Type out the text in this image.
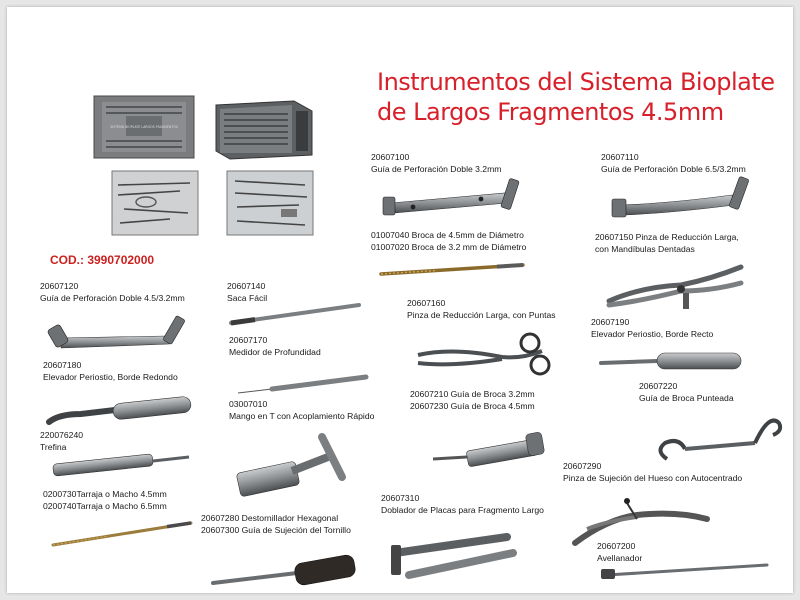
Instrumentos del Sistema Bioplate
de Largos Fragmentos 4.5mm
COD.: 3990702000
SISTEMA BIOPLATE LARGOS FRAGMENTOS
20607100
Guía de Perforación Doble 3.2mm
20607110
Guía de Perforación Doble 6.5/3.2mm
01007040 Broca de 4.5mm de Diámetro
01007020 Broca de 3.2 mm de Diámetro
20607150 Pinza de Reducción Larga,
con Mandíbulas Dentadas
20607120
Guía de Perforación Doble 4.5/3.2mm
20607140
Saca Fácil	20607160
Pinza de Reducción Larga, con Puntas
20607190
Elevador Periostio, Borde Recto
20607170
Medidor de Profundidad
20607180
Elevador Periostio, Borde Redondo
03007010
Mango en T con Acoplamiento Rápido
20607210 Guía de Broca 3.2mm
20607230 Guía de Broca 4.5mm
20607220
Guía de Broca Punteada
220076240
Trefina
20607290
Pinza de Sujeción del Hueso con Autocentrado
0200730Tarraja o Macho 4.5mm
0200740Tarraja o Macho 6.5mm
20607310
Doblador de Placas para Fragmento Largo
20607280 Destornillador Hexagonal
20607300 Guía de Sujeción del Tornillo
20607200
Avellanador
